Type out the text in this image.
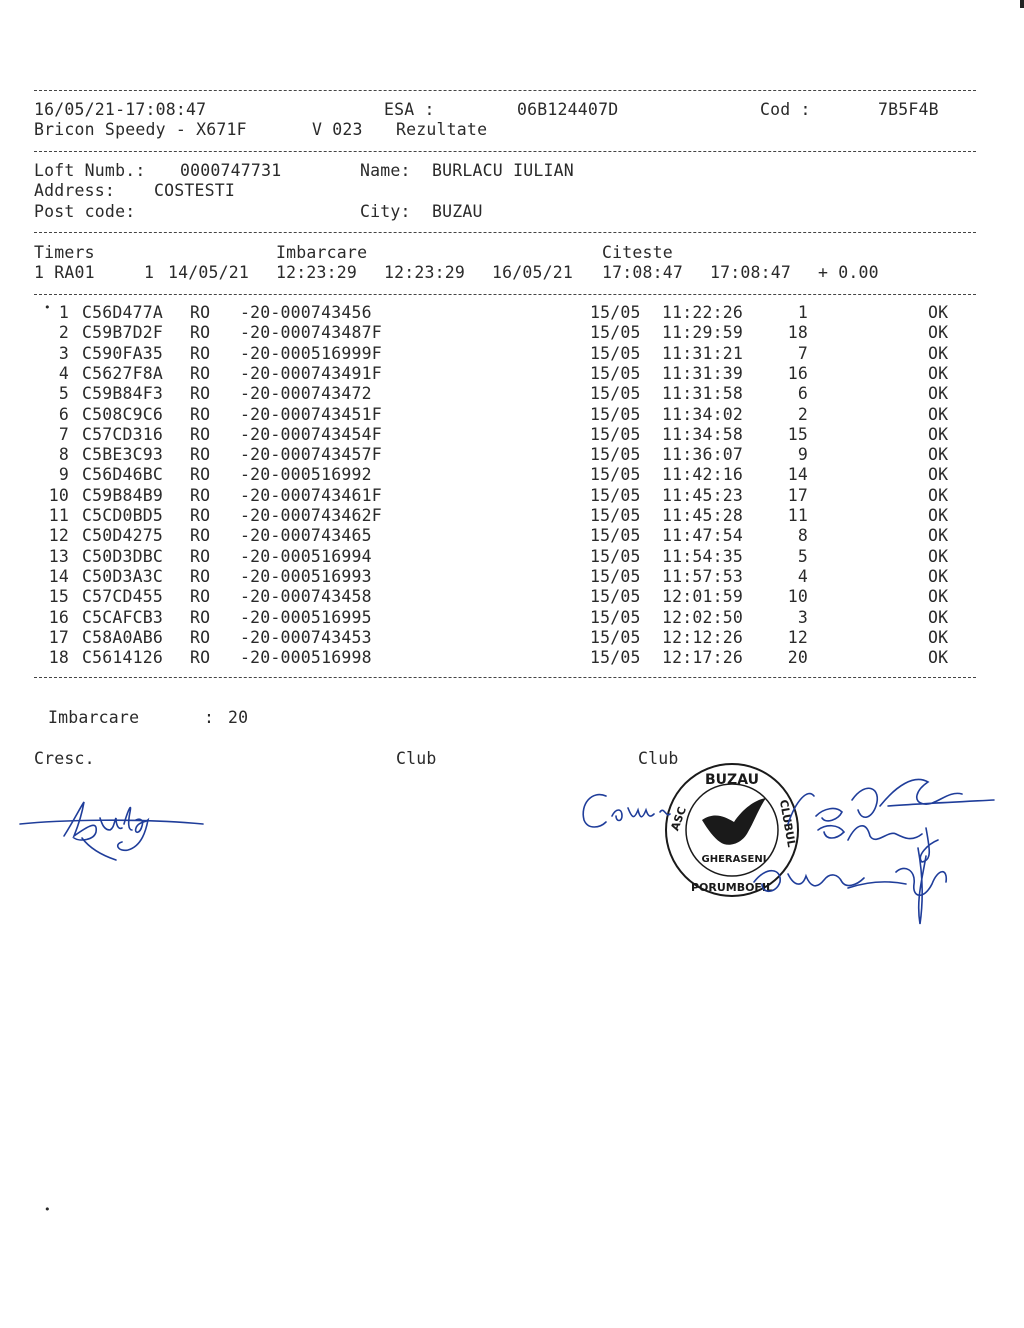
16/05/21-17:08:47	ESA :	06B124407D	Cod :	7B5F4B
Bricon Speedy - X671F	V 023 Rezultate
Loft Numb.: 0000747731	Name: BURLACU IULIAN
Address: COSTESTI
Post code:	City: BUZAU
Timers	Imbarcare	Citeste
1 RA01	1 14/05/21 12:23:29 12:23:29 16/05/21 17:08:47 17:08:47 + 0.00
1 C56D477A RO -20-000743456	15/05 11:22:26	1	OK
2 C59B7D2F RO -20-000743487F	15/05 11:29:59	18	OK
3 C590FA35 RO -20-000516999F	15/05 11:31:21	7	OK
4 C5627F8A RO -20-000743491F	15/05 11:31:39	16	OK
5 C59B84F3 RO -20-000743472	15/05 11:31:58	6	OK
6 C508C9C6 RO -20-000743451F	15/05 11:34:02	2	OK
7 C57CD316 RO -20-000743454F	15/05 11:34:58	15	OK
8 C5BE3C93 RO -20-000743457F	15/05 11:36:07	9	OK
9 C56D46BC RO -20-000516992	15/05 11:42:16	14	OK
10 C59B84B9 RO -20-000743461F	15/05 11:45:23	17	OK
11 C5CD0BD5 RO -20-000743462F	15/05 11:45:28	11	OK
12 C50D4275 RO -20-000743465	15/05 11:47:54	8	OK
13 C50D3DBC RO -20-000516994	15/05 11:54:35	5	OK
14 C50D3A3C RO -20-000516993	15/05 11:57:53	4	OK
15 C57CD455 RO -20-000743458	15/05 12:01:59	10	OK
16 C5CAFCB3 RO -20-000516995	15/05 12:02:50	3	OK
17 C58A0AB6 RO -20-000743453	15/05 12:12:26	12	OK
18 C5614126 RO -20-000516998	15/05 12:17:26	20	OK
Imbarcare	: 20
Cresc.	Club	Club
BUZAU
ASC	CLUBUL
PORUMBOFIL
GHERASENI
•
•
